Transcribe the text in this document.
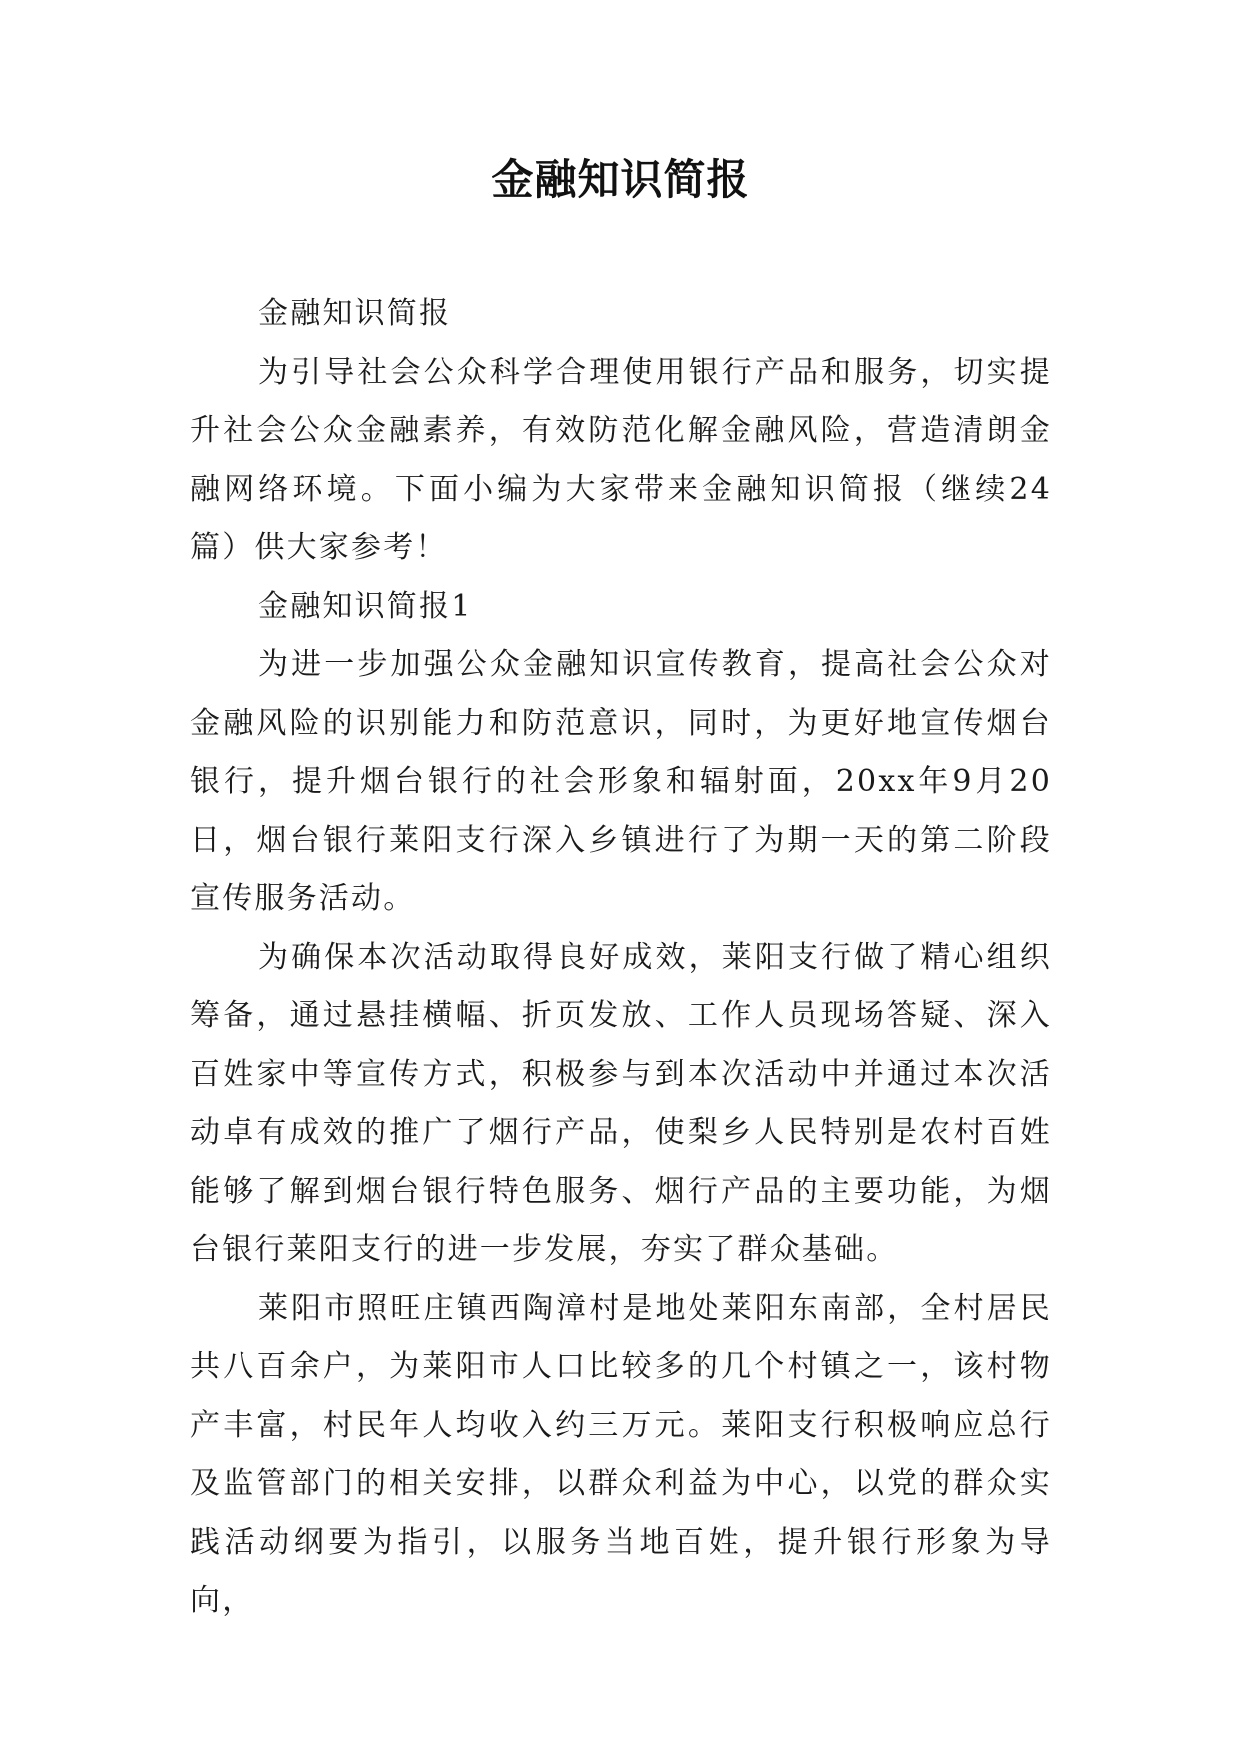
金融知识简报

金融知识简报

为引导社会公众科学合理使用银行产品和服务，切实提升社会公众金融素养，有效防范化解金融风险，营造清朗金融网络环境。下面小编为大家带来金融知识简报（继续24篇）供大家参考！

金融知识简报1

为进一步加强公众金融知识宣传教育，提高社会公众对金融风险的识别能力和防范意识，同时，为更好地宣传烟台银行，提升烟台银行的社会形象和辐射面，20xx年9月20日，烟台银行莱阳支行深入乡镇进行了为期一天的第二阶段宣传服务活动。

为确保本次活动取得良好成效，莱阳支行做了精心组织筹备，通过悬挂横幅、折页发放、工作人员现场答疑、深入百姓家中等宣传方式，积极参与到本次活动中并通过本次活动卓有成效的推广了烟行产品，使梨乡人民特别是农村百姓能够了解到烟台银行特色服务、烟行产品的主要功能，为烟台银行莱阳支行的进一步发展，夯实了群众基础。

莱阳市照旺庄镇西陶漳村是地处莱阳东南部，全村居民共八百余户，为莱阳市人口比较多的几个村镇之一，该村物产丰富，村民年人均收入约三万元。莱阳支行积极响应总行及监管部门的相关安排，以群众利益为中心，以党的群众实践活动纲要为指引，以服务当地百姓，提升银行形象为导向，
